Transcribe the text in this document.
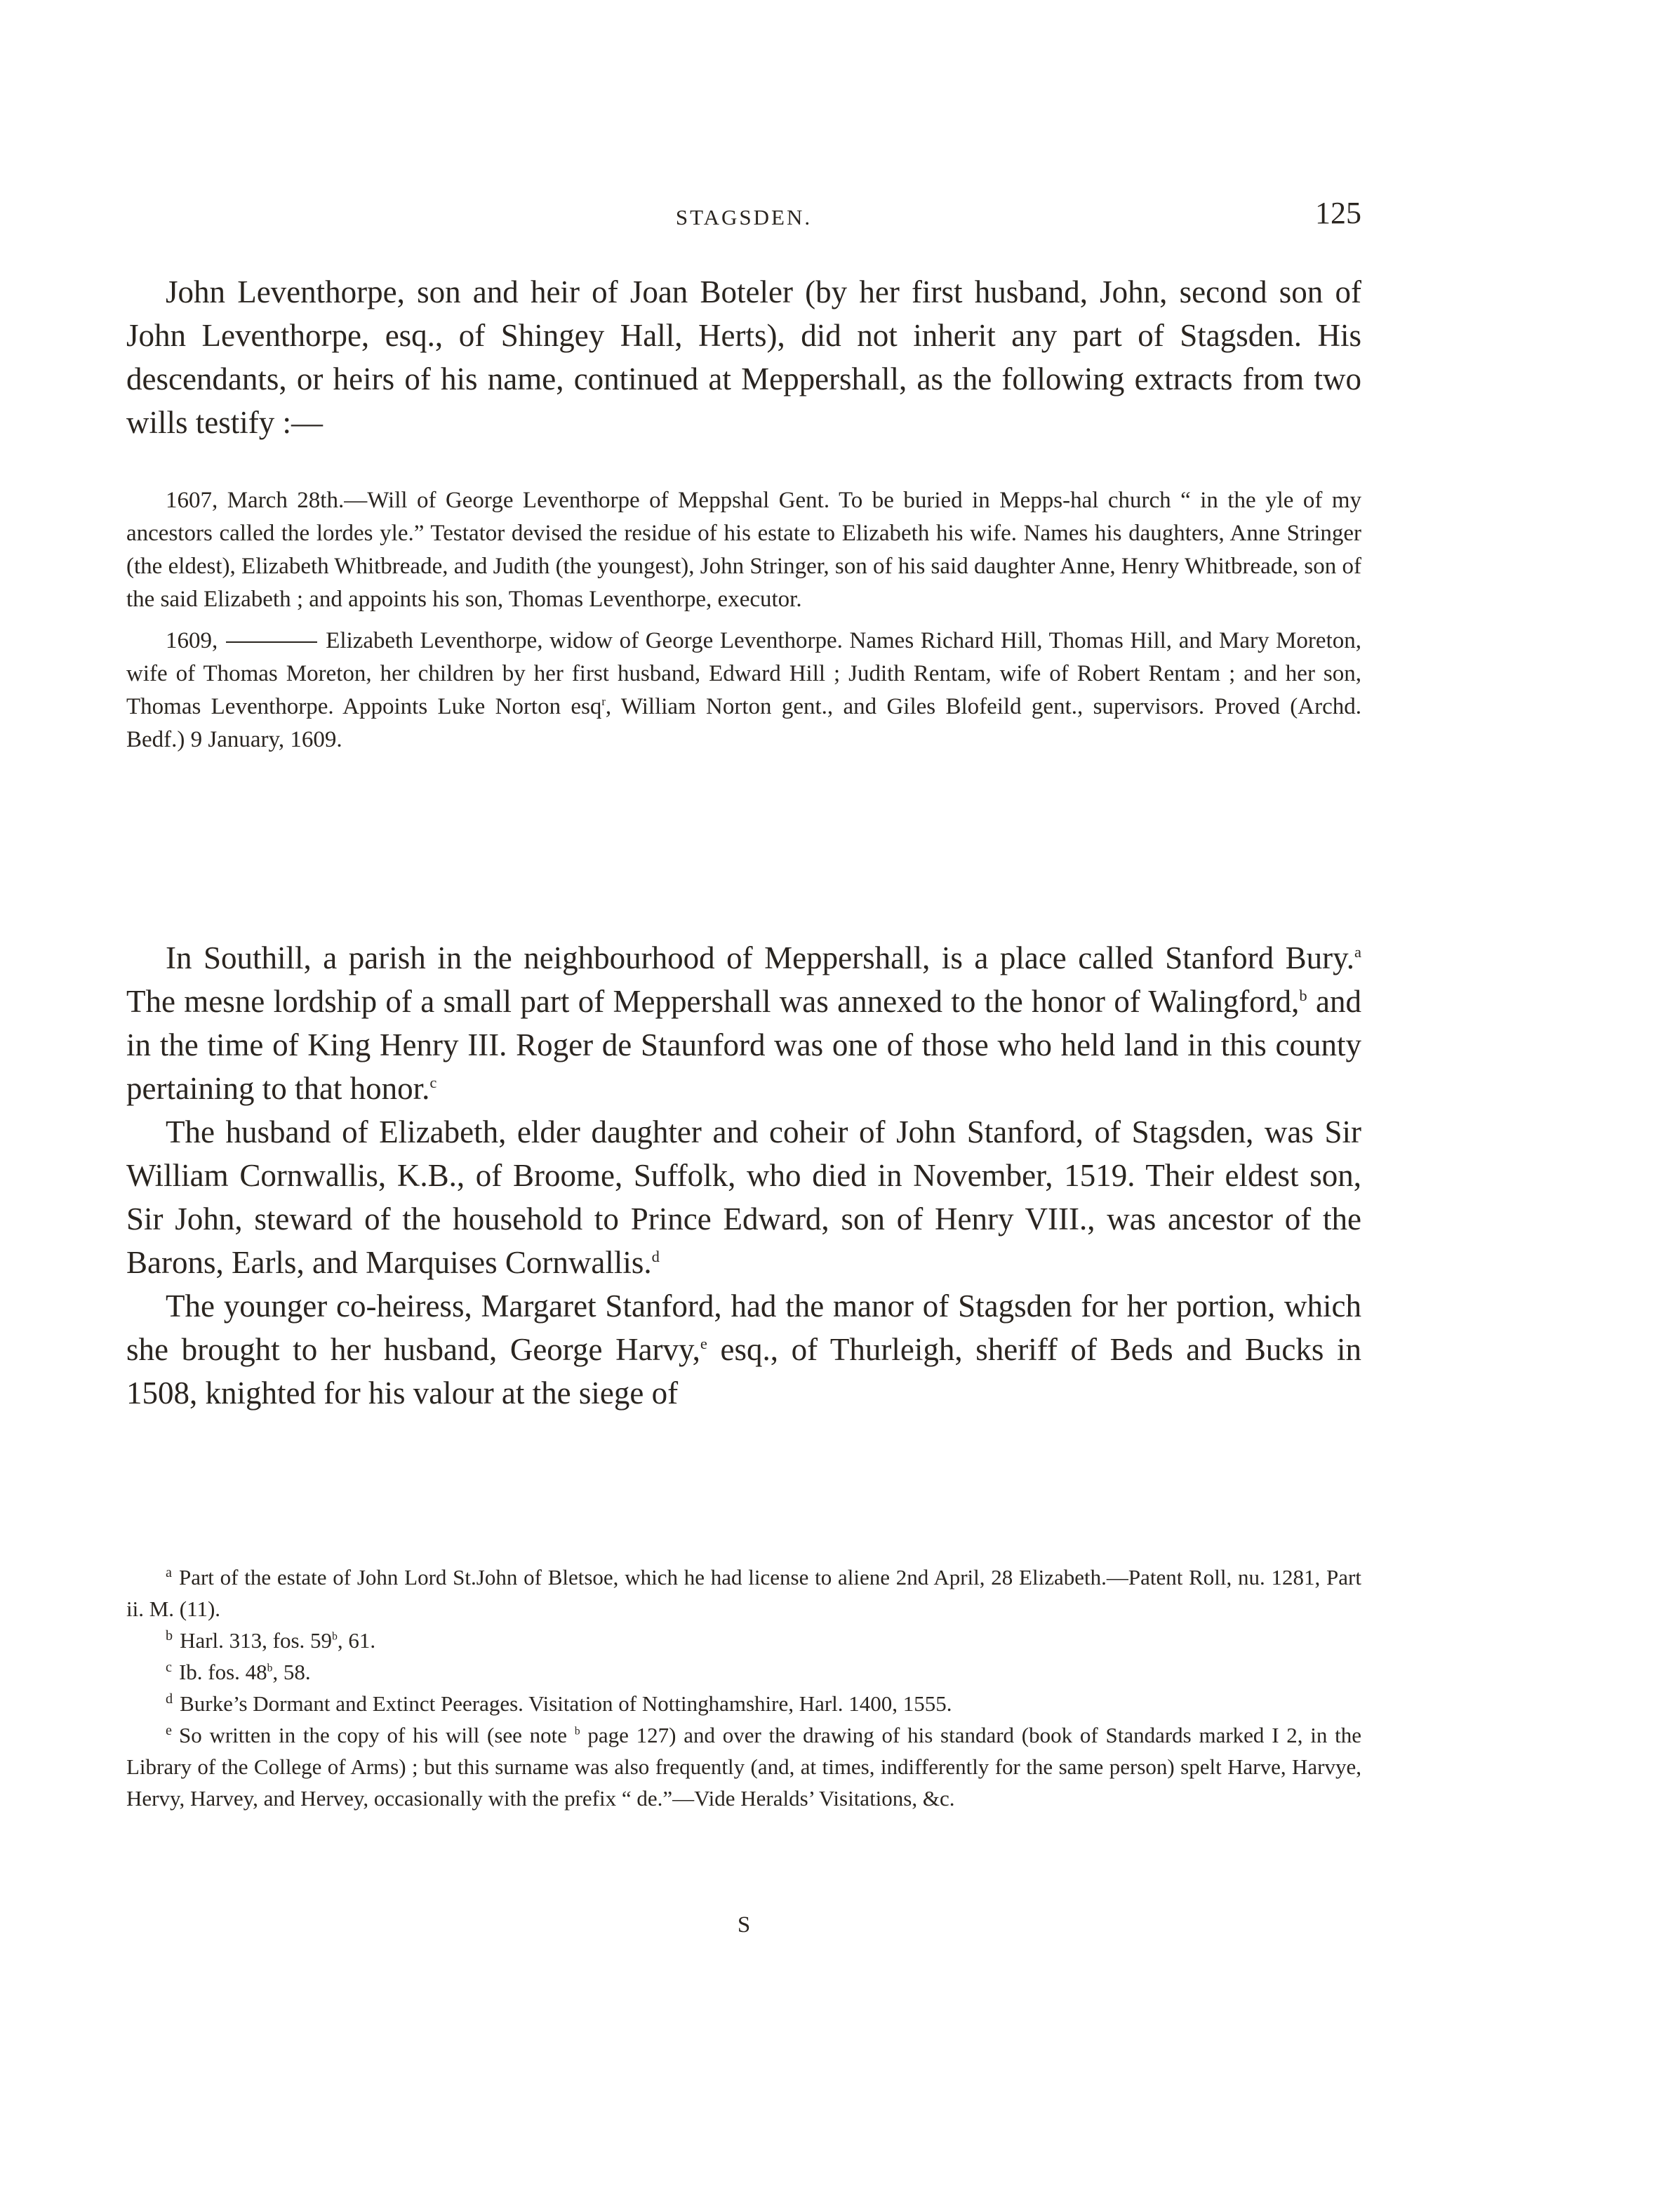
STAGSDEN.	125

John Leventhorpe, son and heir of Joan Boteler (by her first husband, John, second son of John Leventhorpe, esq., of Shingey Hall, Herts), did not inherit any part of Stagsden. His descendants, or heirs of his name, continued at Meppershall, as the following extracts from two wills testify :—

1607, March 28th.—Will of George Leventhorpe of Meppshal Gent. To be buried in Mepps-hal church “ in the yle of my ancestors called the lordes yle.” Testator devised the residue of his estate to Elizabeth his wife. Names his daughters, Anne Stringer (the eldest), Elizabeth Whitbreade, and Judith (the youngest), John Stringer, son of his said daughter Anne, Henry Whitbreade, son of the said Elizabeth ; and appoints his son, Thomas Leventhorpe, executor.

1609,	Elizabeth Leventhorpe, widow of George Leventhorpe. Names Richard Hill, Thomas Hill, and Mary Moreton, wife of Thomas Moreton, her children by her first husband, Edward Hill ; Judith Rentam, wife of Robert Rentam ; and her son, Thomas Leventhorpe. Appoints Luke Norton esq$^r$, William Norton gent., and Giles Blofeild gent., supervisors. Proved (Archd. Bedf.) 9 January, 1609.

In Southill, a parish in the neighbourhood of Meppershall, is a place called Stanford Bury.$^a$ The mesne lordship of a small part of Meppershall was annexed to the honor of Walingford,$^b$ and in the time of King Henry III. Roger de Staunford was one of those who held land in this county pertaining to that honor.$^c$

The husband of Elizabeth, elder daughter and coheir of John Stanford, of Stagsden, was Sir William Cornwallis, K.B., of Broome, Suffolk, who died in November, 1519. Their eldest son, Sir John, steward of the household to Prince Edward, son of Henry VIII., was ancestor of the Barons, Earls, and Marquises Cornwallis.$^d$

The younger co-heiress, Margaret Stanford, had the manor of Stagsden for her portion, which she brought to her husband, George Harvy,$^e$ esq., of Thurleigh, sheriff of Beds and Bucks in 1508, knighted for his valour at the siege of

$^a$ Part of the estate of John Lord St.John of Bletsoe, which he had license to aliene 2nd April, 28 Elizabeth.—Patent Roll, nu. 1281, Part ii. M. (11).

$^b$ Harl. 313, fos. 59$^b$, 61.

$^c$ Ib. fos. 48$^b$, 58.

$^d$ Burke’s Dormant and Extinct Peerages. Visitation of Nottinghamshire, Harl. 1400, 1555.

$^e$ So written in the copy of his will (see note $^b$ page 127) and over the drawing of his standard (book of Standards marked I 2, in the Library of the College of Arms) ; but this surname was also frequently (and, at times, indifferently for the same person) spelt Harve, Harvye, Hervy, Harvey, and Hervey, occasionally with the prefix “ de.”—Vide Heralds’ Visitations, &c.

S
